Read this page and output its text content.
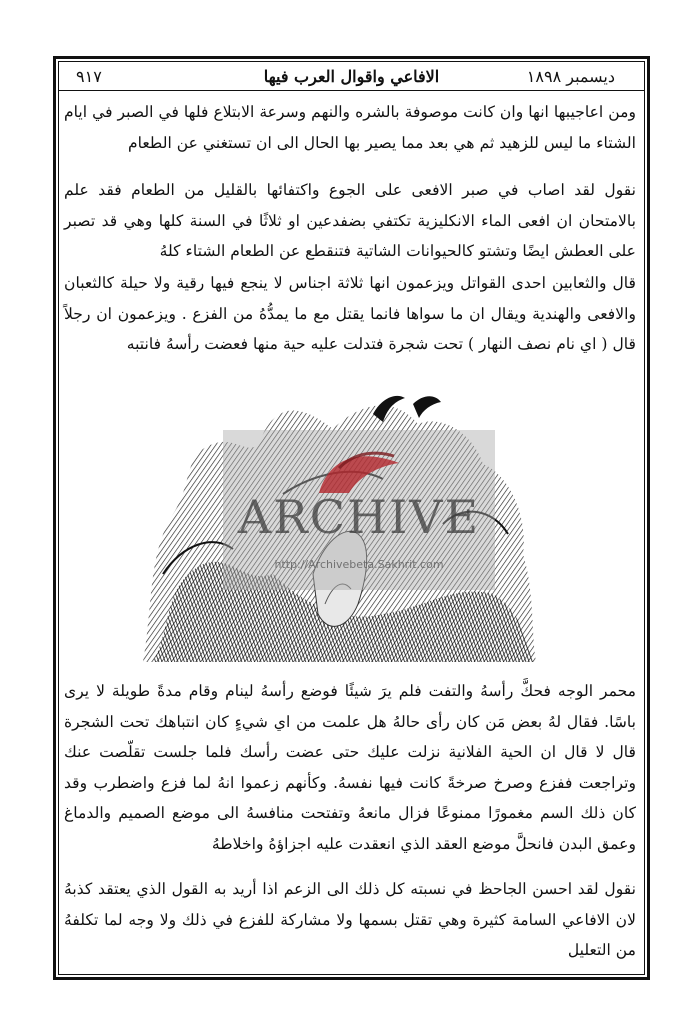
ديسمبر ١٨٩٨
الافاعي واقوال العرب فيها
٩١٧
ومن اعاجيبها انها وان كانت موصوفة بالشره والنهم وسرعة الابتلاع فلها في الصبر في ايام الشتاء ما ليس للزهيد ثم هي بعد مما يصير بها الحال الى ان تستغني عن الطعام
نقول لقد اصاب في صبر الافعى على الجوع واكتفائها بالقليل من الطعام فقد علم بالامتحان ان افعى الماء الانكليزية تكتفي بضفدعين او ثلاثًا في السنة كلها وهي قد تصبر على العطش ايضًا وتشتو كالحيوانات الشاتية فتنقطع عن الطعام الشتاء كلهُ
قال والثعابين احدى القواتل ويزعمون انها ثلاثة اجناس لا ينجع فيها رقية ولا حيلة كالثعبان والافعى والهندية ويقال ان ما سواها فانما يقتل مع ما يمدُّهُ من الفزع . ويزعمون ان رجلاً قال ( اي نام نصف النهار ) تحت شجرة فتدلت عليه حية منها فعضت رأسهُ فانتبه
ARCHIVE
http://Archivebeta.Sakhrit.com
محمر الوجه فحكَّ رأسهُ والتفت فلم يرَ شيئًا فوضع رأسهُ لينام وقام مدةً طويلة لا يرى باسًا. فقال لهُ بعض مَن كان رأى حالهُ هل علمت من اي شيءٍ كان انتباهك تحت الشجرة قال لا قال ان الحية الفلانية نزلت عليك حتى عضت رأسك فلما جلست تقلّصت عنك وتراجعت ففزع وصرخ صرخةً كانت فيها نفسهُ. وكأنهم زعموا انهُ لما فزع واضطرب وقد كان ذلك السم مغمورًا ممنوعًا فزال مانعهُ وتفتحت منافسهُ الى موضع الصميم والدماغ وعمق البدن فانحلَّ موضع العقد الذي انعقدت عليه اجزاؤهُ واخلاطهُ
نقول لقد احسن الجاحظ في نسبته كل ذلك الى الزعم اذا أريد به القول الذي يعتقد كذبهُ لان الافاعي السامة كثيرة وهي تقتل بسمها ولا مشاركة للفزع في ذلك ولا وجه لما تكلفهُ من التعليل
